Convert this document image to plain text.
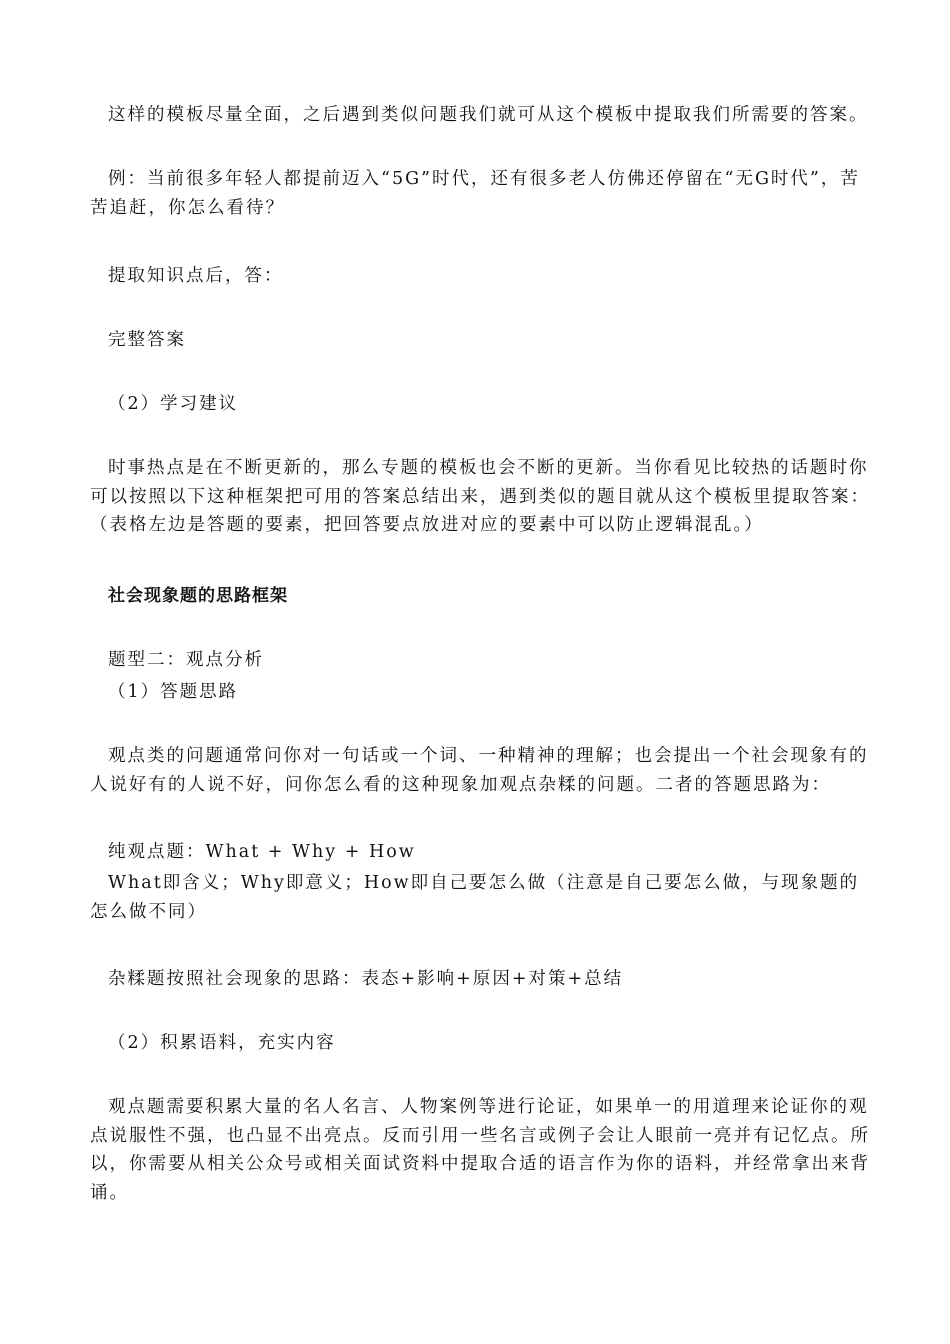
这样的模板尽量全面，之后遇到类似问题我们就可从这个模板中提取我们所需要的答案。

例：当前很多年轻人都提前迈入“5G”时代，还有很多老人仿佛还停留在“无G时代”，苦苦追赶，你怎么看待？

提取知识点后，答：

完整答案

（2）学习建议

时事热点是在不断更新的，那么专题的模板也会不断的更新。当你看见比较热的话题时你可以按照以下这种框架把可用的答案总结出来，遇到类似的题目就从这个模板里提取答案：（表格左边是答题的要素，把回答要点放进对应的要素中可以防止逻辑混乱。）

社会现象题的思路框架

题型二：观点分析

（1）答题思路

观点类的问题通常问你对一句话或一个词、一种精神的理解；也会提出一个社会现象有的人说好有的人说不好，问你怎么看的这种现象加观点杂糅的问题。二者的答题思路为：

纯观点题：What + Why + How

What即含义；Why即意义；How即自己要怎么做（注意是自己要怎么做，与现象题的怎么做不同）

杂糅题按照社会现象的思路：表态+影响+原因+对策+总结

（2）积累语料，充实内容

观点题需要积累大量的名人名言、人物案例等进行论证，如果单一的用道理来论证你的观点说服性不强，也凸显不出亮点。反而引用一些名言或例子会让人眼前一亮并有记忆点。所以，你需要从相关公众号或相关面试资料中提取合适的语言作为你的语料，并经常拿出来背诵。
